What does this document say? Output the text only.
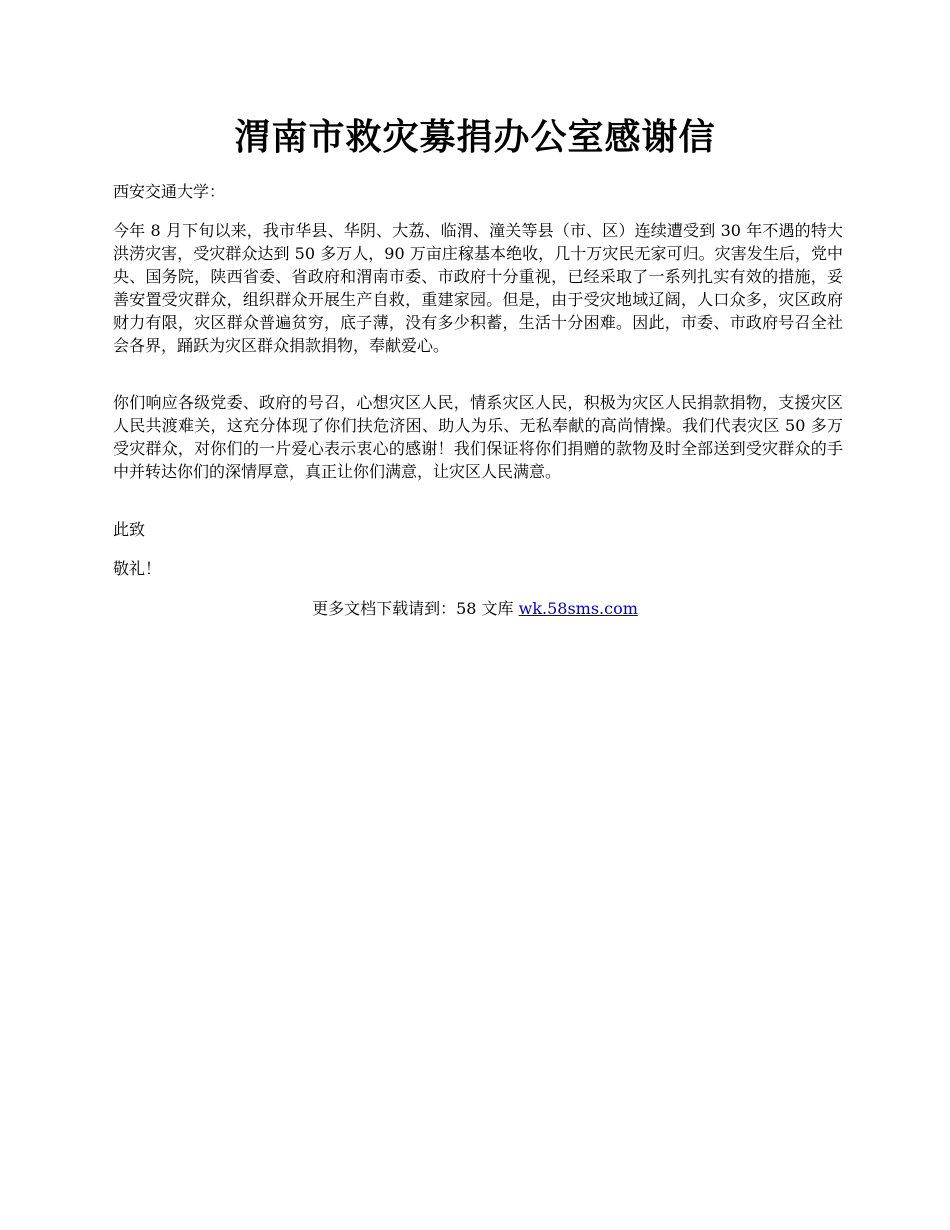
渭南市救灾募捐办公室感谢信

西安交通大学：

今年 8 月下旬以来，我市华县、华阴、大荔、临渭、潼关等县（市、区）连续遭受到 30 年不遇的特大洪涝灾害，受灾群众达到 50 多万人，90 万亩庄稼基本绝收，几十万灾民无家可归。灾害发生后，党中央、国务院，陕西省委、省政府和渭南市委、市政府十分重视，已经采取了一系列扎实有效的措施，妥善安置受灾群众，组织群众开展生产自救，重建家园。但是，由于受灾地域辽阔，人口众多，灾区政府财力有限，灾区群众普遍贫穷，底子薄，没有多少积蓄，生活十分困难。因此，市委、市政府号召全社会各界，踊跃为灾区群众捐款捐物，奉献爱心。

你们响应各级党委、政府的号召，心想灾区人民，情系灾区人民，积极为灾区人民捐款捐物，支援灾区人民共渡难关，这充分体现了你们扶危济困、助人为乐、无私奉献的高尚情操。我们代表灾区 50 多万受灾群众，对你们的一片爱心表示衷心的感谢！我们保证将你们捐赠的款物及时全部送到受灾群众的手中并转达你们的深情厚意，真正让你们满意，让灾区人民满意。

此致

敬礼！

更多文档下载请到：58 文库 wk.58sms.com
